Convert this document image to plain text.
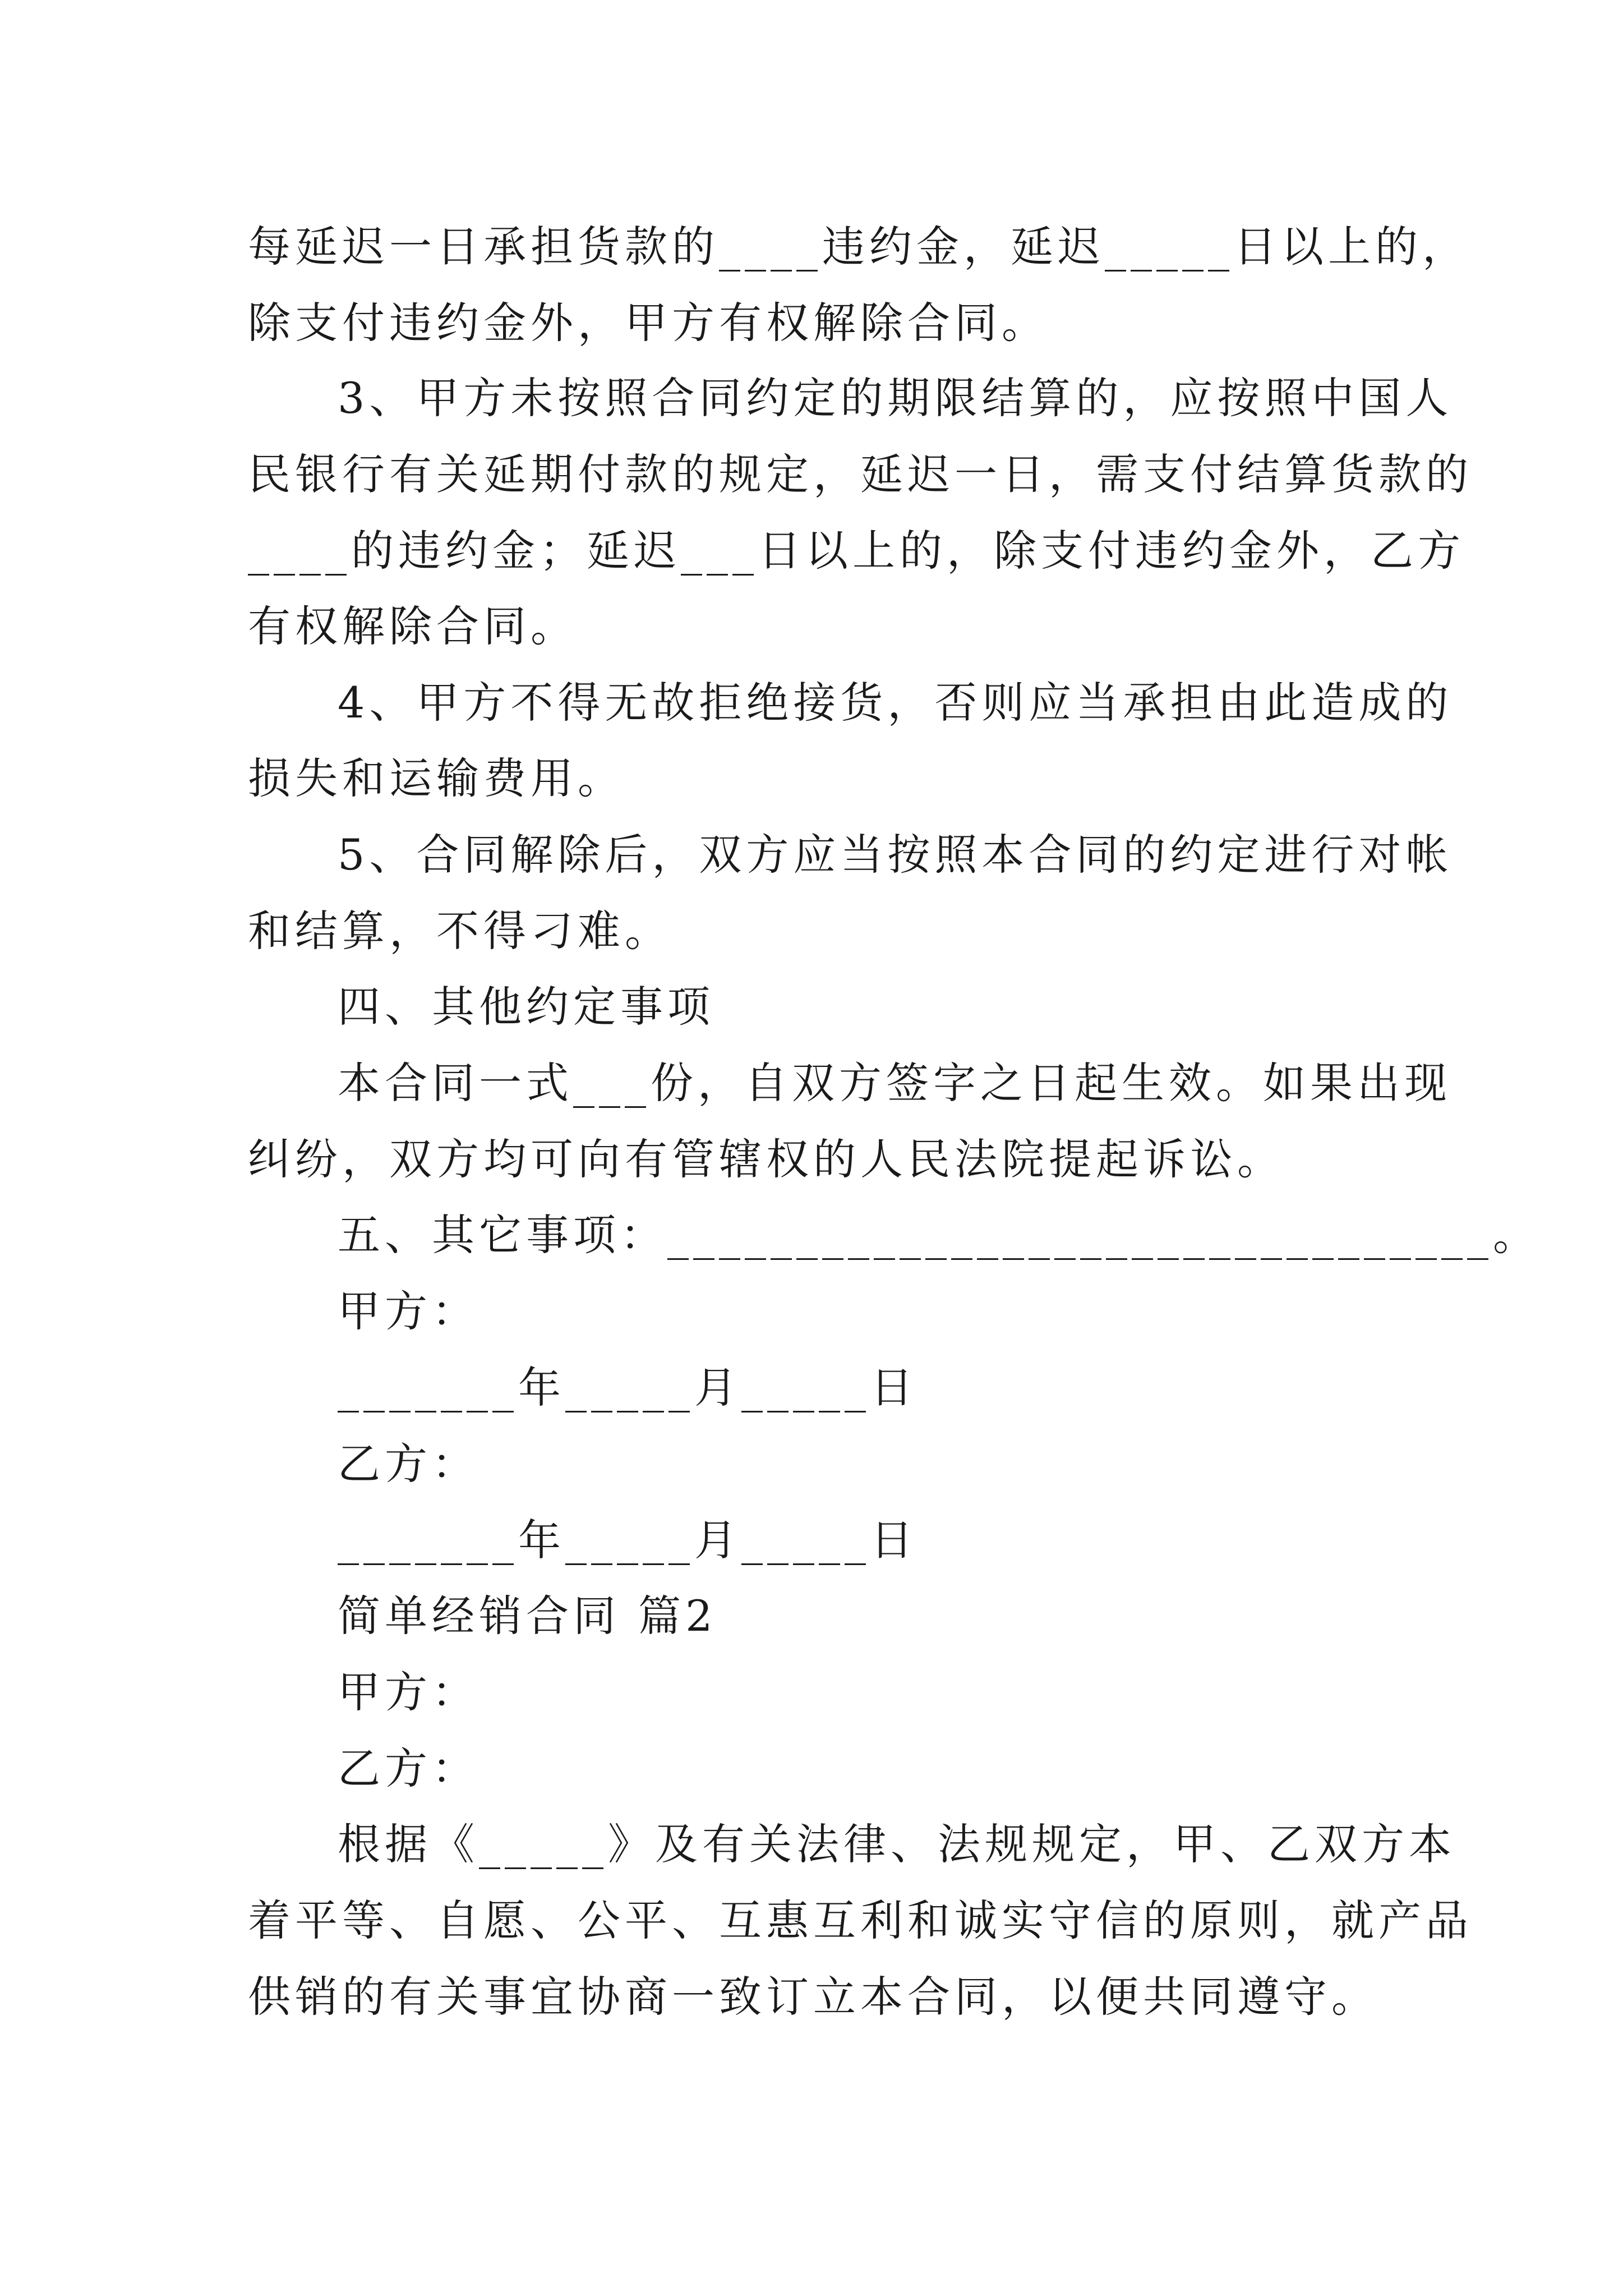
每延迟一日承担货款的____违约金，延迟_____日以上的，
除支付违约金外，甲方有权解除合同。
3、甲方未按照合同约定的期限结算的，应按照中国人
民银行有关延期付款的规定，延迟一日，需支付结算货款的
____的违约金；延迟___日以上的，除支付违约金外，乙方
有权解除合同。
4、甲方不得无故拒绝接货，否则应当承担由此造成的
损失和运输费用。
5、合同解除后，双方应当按照本合同的约定进行对帐
和结算，不得刁难。
四、其他约定事项
本合同一式___份，自双方签字之日起生效。如果出现
纠纷，双方均可向有管辖权的人民法院提起诉讼。
五、其它事项：________________________________。
甲方：
_______年_____月_____日
乙方：
_______年_____月_____日
简单经销合同 篇2
甲方：
乙方：
根据《_____》及有关法律、法规规定，甲、乙双方本
着平等、自愿、公平、互惠互利和诚实守信的原则，就产品
供销的有关事宜协商一致订立本合同，以便共同遵守。
